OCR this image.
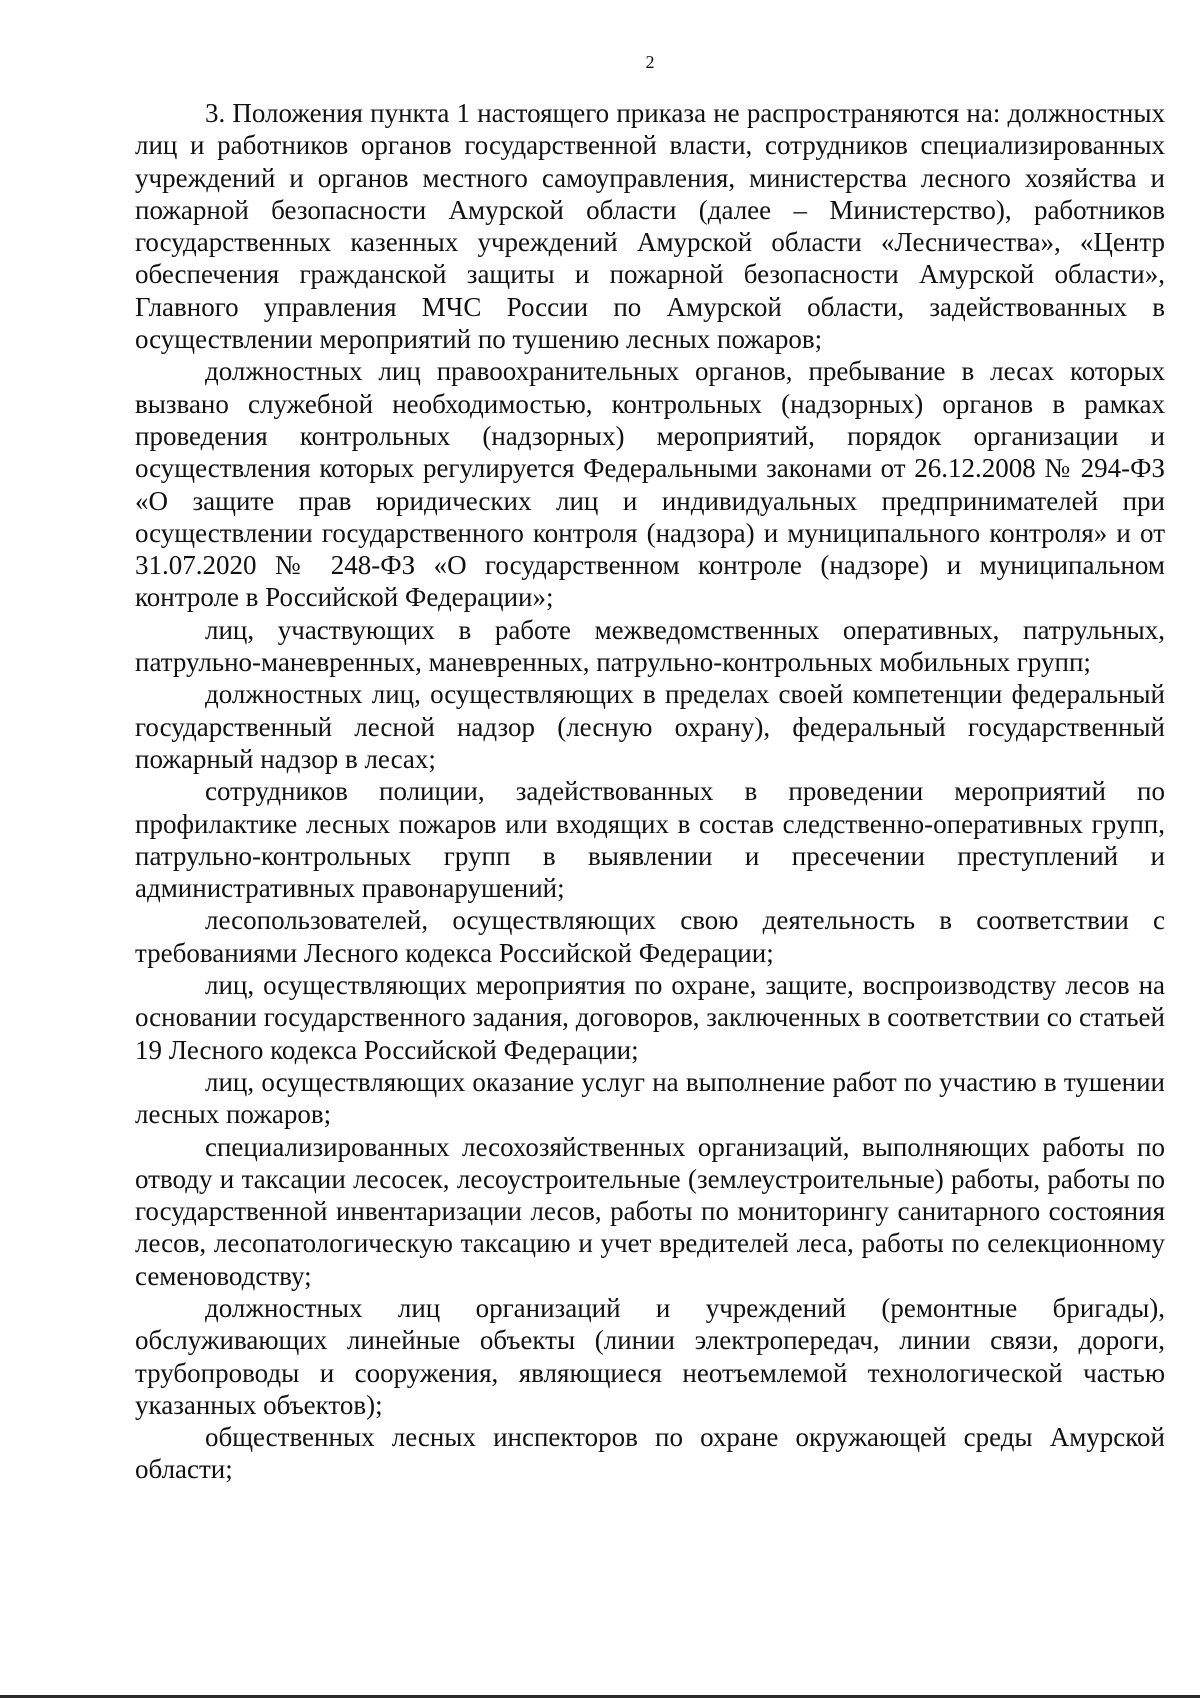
2

3. Положения пункта 1 настоящего приказа не распространяются на: должностных лиц и работников органов государственной власти, сотрудников специализированных учреждений и органов местного самоуправления, министерства лесного хозяйства и пожарной безопасности Амурской области (далее – Министерство), работников государственных казенных учреждений Амурской области «Лесничества», «Центр обеспечения гражданской защиты и пожарной безопасности Амурской области», Главного управления МЧС России по Амурской области, задействованных в осуществлении мероприятий по тушению лесных пожаров;

должностных лиц правоохранительных органов, пребывание в лесах которых вызвано служебной необходимостью, контрольных (надзорных) органов в рамках проведения контрольных (надзорных) мероприятий, порядок организации и осуществления которых регулируется Федеральными законами от 26.12.2008 № 294-ФЗ «О защите прав юридических лиц и индивидуальных предпринимателей при осуществлении государственного контроля (надзора) и муниципального контроля» и от 31.07.2020 № 248-ФЗ «О государственном контроле (надзоре) и муниципальном контроле в Российской Федерации»;

лиц, участвующих в работе межведомственных оперативных, патрульных, патрульно-маневренных, маневренных, патрульно-контрольных мобильных групп;

должностных лиц, осуществляющих в пределах своей компетенции федеральный государственный лесной надзор (лесную охрану), федеральный государственный пожарный надзор в лесах;

сотрудников полиции, задействованных в проведении мероприятий по профилактике лесных пожаров или входящих в состав следственно-оперативных групп, патрульно-контрольных групп в выявлении и пресечении преступлений и административных правонарушений;

лесопользователей, осуществляющих свою деятельность в соответствии с требованиями Лесного кодекса Российской Федерации;

лиц, осуществляющих мероприятия по охране, защите, воспроизводству лесов на основании государственного задания, договоров, заключенных в соответствии со статьей 19 Лесного кодекса Российской Федерации;

лиц, осуществляющих оказание услуг на выполнение работ по участию в тушении лесных пожаров;

специализированных лесохозяйственных организаций, выполняющих работы по отводу и таксации лесосек, лесоустроительные (землеустроительные) работы, работы по государственной инвентаризации лесов, работы по мониторингу санитарного состояния лесов, лесопатологическую таксацию и учет вредителей леса, работы по селекционному семеноводству;

должностных лиц организаций и учреждений (ремонтные бригады), обслуживающих линейные объекты (линии электропередач, линии связи, дороги, трубопроводы и сооружения, являющиеся неотъемлемой технологической частью указанных объектов);

общественных лесных инспекторов по охране окружающей среды Амурской области;
